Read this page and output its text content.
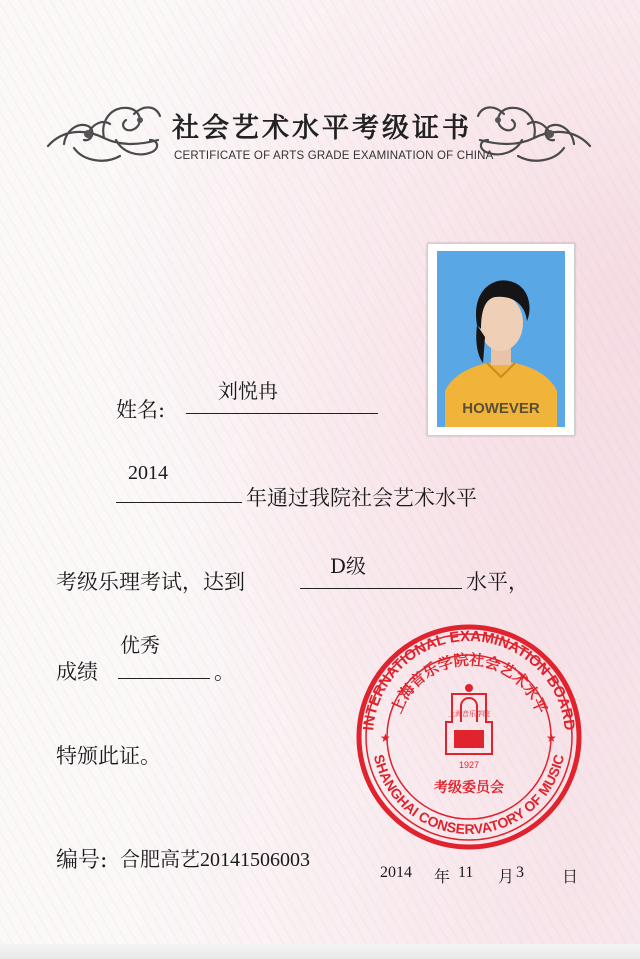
社会艺术水平考级证书
CERTIFICATE OF ARTS GRADE EXAMINATION OF CHINA
HOWEVER
姓名:
刘悦冉
2014
年通过我院社会艺术水平
考级乐理考试，达到
D级
水平，
成绩
优秀
。
特颁此证。
编号: 合肥高艺20141506003
2014 年 11 月 3 日
INTERNATIONAL EXAMINATION BOARD
上海音乐学院社会艺术水平
SHANGHAI CONSERVATORY OF MUSIC
★	★
上海音乐学院
1927
考级委员会
